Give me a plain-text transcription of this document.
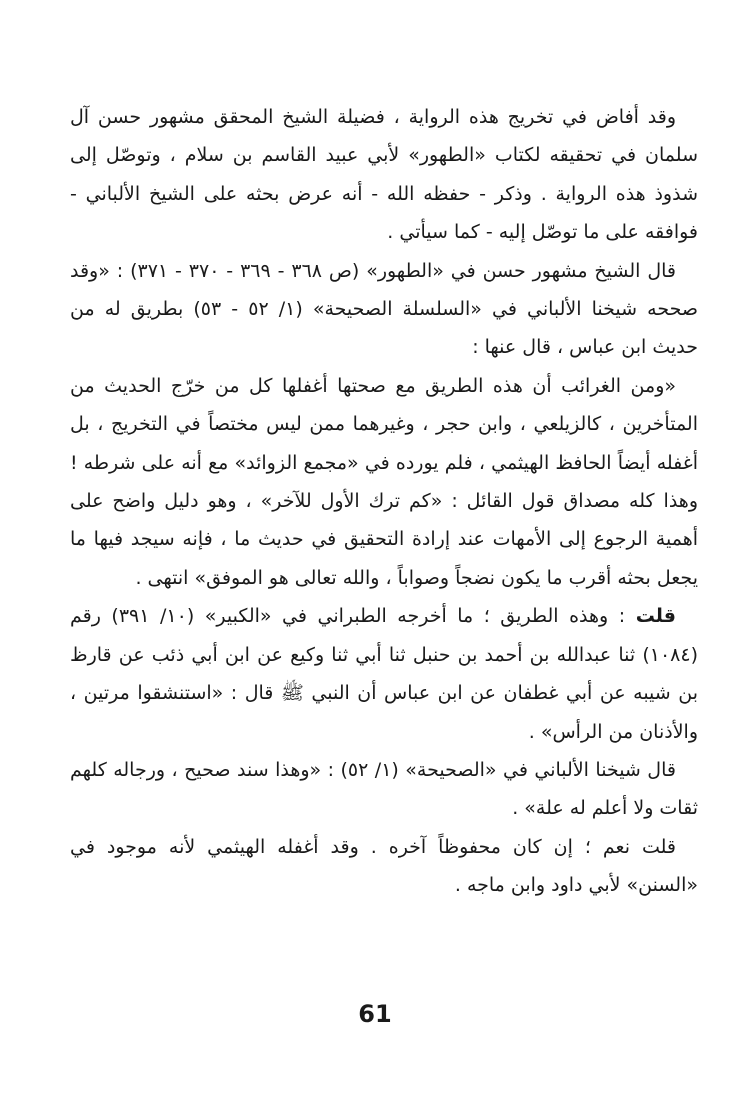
وقد أفاض في تخريج هذه الرواية ، فضيلة الشيخ المحقق مشهور حسن آل سلمان في تحقيقه لكتاب «الطهور» لأبي عبيد القاسم بن سلام ، وتوصّل إلى شذوذ هذه الرواية . وذكر - حفظه الله - أنه عرض بحثه على الشيخ الألباني - فوافقه على ما توصّل إليه - كما سيأتي .

قال الشيخ مشهور حسن في «الطهور» (ص ٣٦٨ - ٣٦٩ - ٣٧٠ - ٣٧١) : «وقد صححه شيخنا الألباني في «السلسلة الصحيحة» (١/ ٥٢ - ٥٣) بطريق له من حديث ابن عباس ، قال عنها :

«ومن الغرائب أن هذه الطريق مع صحتها أغفلها كل من خرّج الحديث من المتأخرين ، كالزيلعي ، وابن حجر ، وغيرهما ممن ليس مختصاً في التخريج ، بل أغفله أيضاً الحافظ الهيثمي ، فلم يورده في «مجمع الزوائد» مع أنه على شرطه ! وهذا كله مصداق قول القائل : «كم ترك الأول للآخر» ، وهو دليل واضح على أهمية الرجوع إلى الأمهات عند إرادة التحقيق في حديث ما ، فإنه سيجد فيها ما يجعل بحثه أقرب ما يكون نضجاً وصواباً ، والله تعالى هو الموفق» انتهى .

قلت : وهذه الطريق ؛ ما أخرجه الطبراني في «الكبير» (١٠/ ٣٩١) رقم (١٠٨٤) ثنا عبدالله بن أحمد بن حنبل ثنا أبي ثنا وكيع عن ابن أبي ذئب عن قارظ بن شيبه عن أبي غطفان عن ابن عباس أن النبي ﷺ قال : «استنشقوا مرتين ، والأذنان من الرأس» .

قال شيخنا الألباني في «الصحيحة» (١/ ٥٢) : «وهذا سند صحيح ، ورجاله كلهم ثقات ولا أعلم له علة» .

قلت نعم ؛ إن كان محفوظاً آخره . وقد أغفله الهيثمي لأنه موجود في «السنن» لأبي داود وابن ماجه .

61
